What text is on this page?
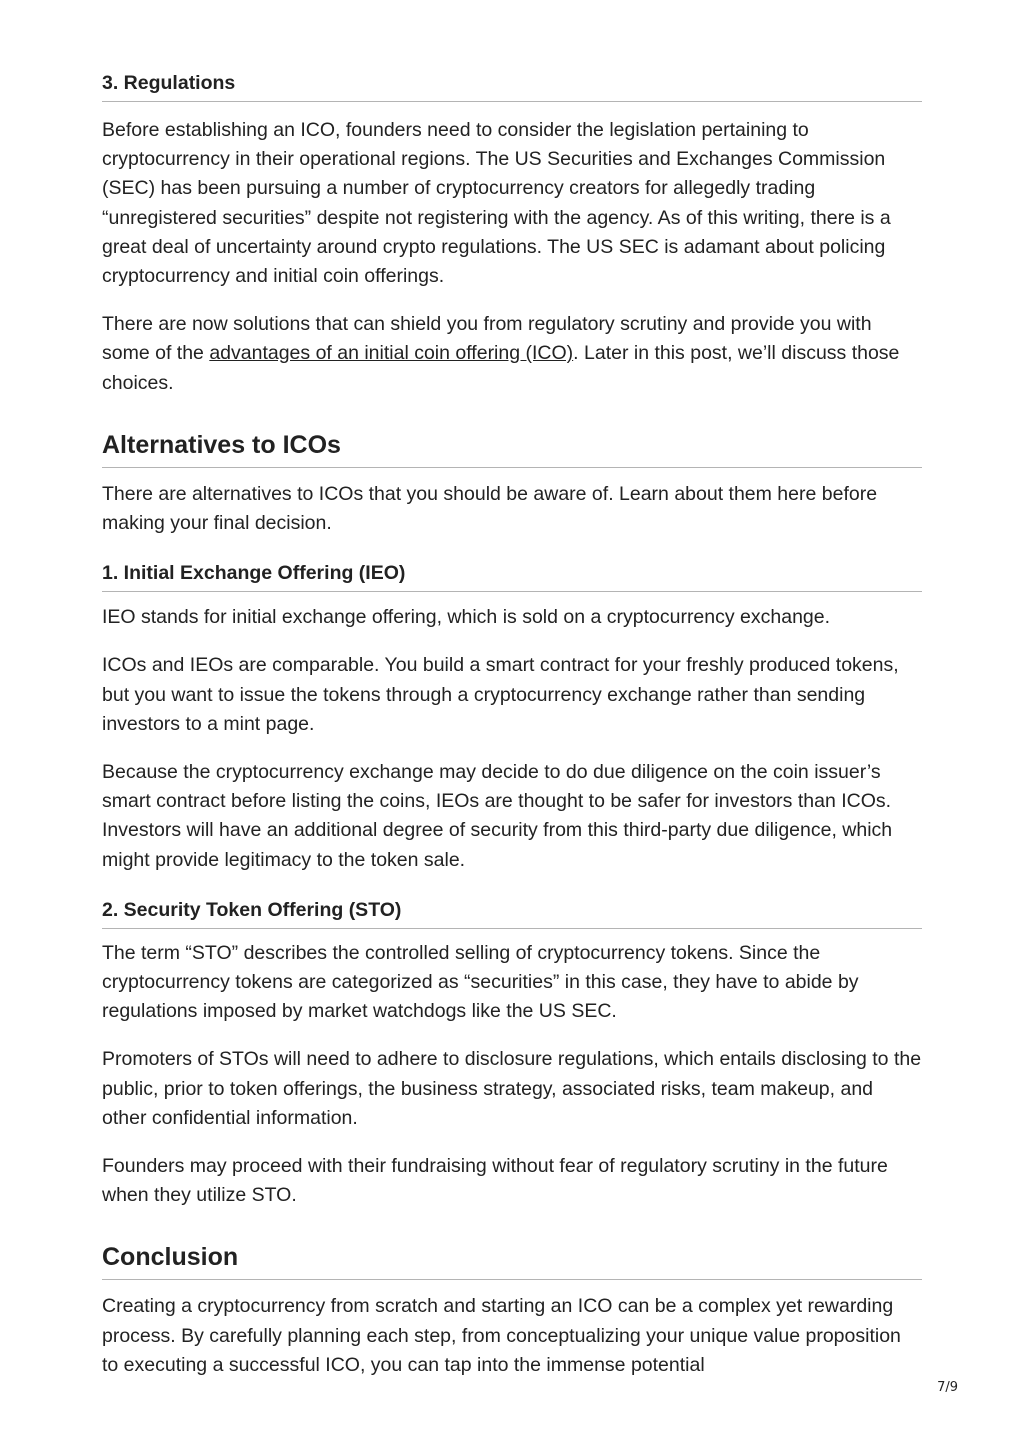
3. Regulations

Before establishing an ICO, founders need to consider the legislation pertaining to cryptocurrency in their operational regions. The US Securities and Exchanges Commission (SEC) has been pursuing a number of cryptocurrency creators for allegedly trading “unregistered securities” despite not registering with the agency. As of this writing, there is a great deal of uncertainty around crypto regulations. The US SEC is adamant about policing cryptocurrency and initial coin offerings.

There are now solutions that can shield you from regulatory scrutiny and provide you with some of the advantages of an initial coin offering (ICO). Later in this post, we’ll discuss those choices.

Alternatives to ICOs

There are alternatives to ICOs that you should be aware of. Learn about them here before making your final decision.

1. Initial Exchange Offering (IEO)

IEO stands for initial exchange offering, which is sold on a cryptocurrency exchange.

ICOs and IEOs are comparable. You build a smart contract for your freshly produced tokens, but you want to issue the tokens through a cryptocurrency exchange rather than sending investors to a mint page.

Because the cryptocurrency exchange may decide to do due diligence on the coin issuer’s smart contract before listing the coins, IEOs are thought to be safer for investors than ICOs. Investors will have an additional degree of security from this third-party due diligence, which might provide legitimacy to the token sale.

2. Security Token Offering (STO)

The term “STO” describes the controlled selling of cryptocurrency tokens. Since the cryptocurrency tokens are categorized as “securities” in this case, they have to abide by regulations imposed by market watchdogs like the US SEC.

Promoters of STOs will need to adhere to disclosure regulations, which entails disclosing to the public, prior to token offerings, the business strategy, associated risks, team makeup, and other confidential information.

Founders may proceed with their fundraising without fear of regulatory scrutiny in the future when they utilize STO.

Conclusion

Creating a cryptocurrency from scratch and starting an ICO can be a complex yet rewarding process. By carefully planning each step, from conceptualizing your unique value proposition to executing a successful ICO, you can tap into the immense potential

7/9
